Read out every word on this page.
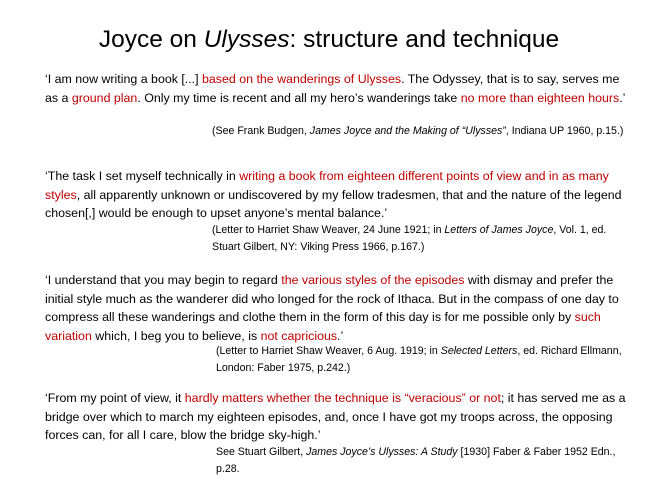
Joyce on Ulysses: structure and technique

‘I am now writing a book [...] based on the wanderings of Ulysses. The Odyssey, that is to say, serves me as a ground plan. Only my time is recent and all my hero’s wanderings take no more than eighteen hours.’

(See Frank Budgen, James Joyce and the Making of “Ulysses”, Indiana UP 1960, p.15.)

‘The task I set myself technically in writing a book from eighteen different points of view and in as many styles, all apparently unknown or undiscovered by my fellow tradesmen, that and the nature of the legend chosen[,] would be enough to upset anyone’s mental balance.’

(Letter to Harriet Shaw Weaver, 24 June 1921; in Letters of James Joyce, Vol. 1, ed. Stuart Gilbert, NY: Viking Press 1966, p.167.)

‘I understand that you may begin to regard the various styles of the episodes with dismay and prefer the initial style much as the wanderer did who longed for the rock of Ithaca. But in the compass of one day to compress all these wanderings and clothe them in the form of this day is for me possible only by such variation which, I beg you to believe, is not capricious.’

(Letter to Harriet Shaw Weaver, 6 Aug. 1919; in Selected Letters, ed. Richard Ellmann, London: Faber 1975, p.242.)

‘From my point of view, it hardly matters whether the technique is “veracious” or not; it has served me as a bridge over which to march my eighteen episodes, and, once I have got my troops across, the opposing forces can, for all I care, blow the bridge sky-high.’

See Stuart Gilbert, James Joyce’s Ulysses: A Study [1930] Faber & Faber 1952 Edn., p.28.
